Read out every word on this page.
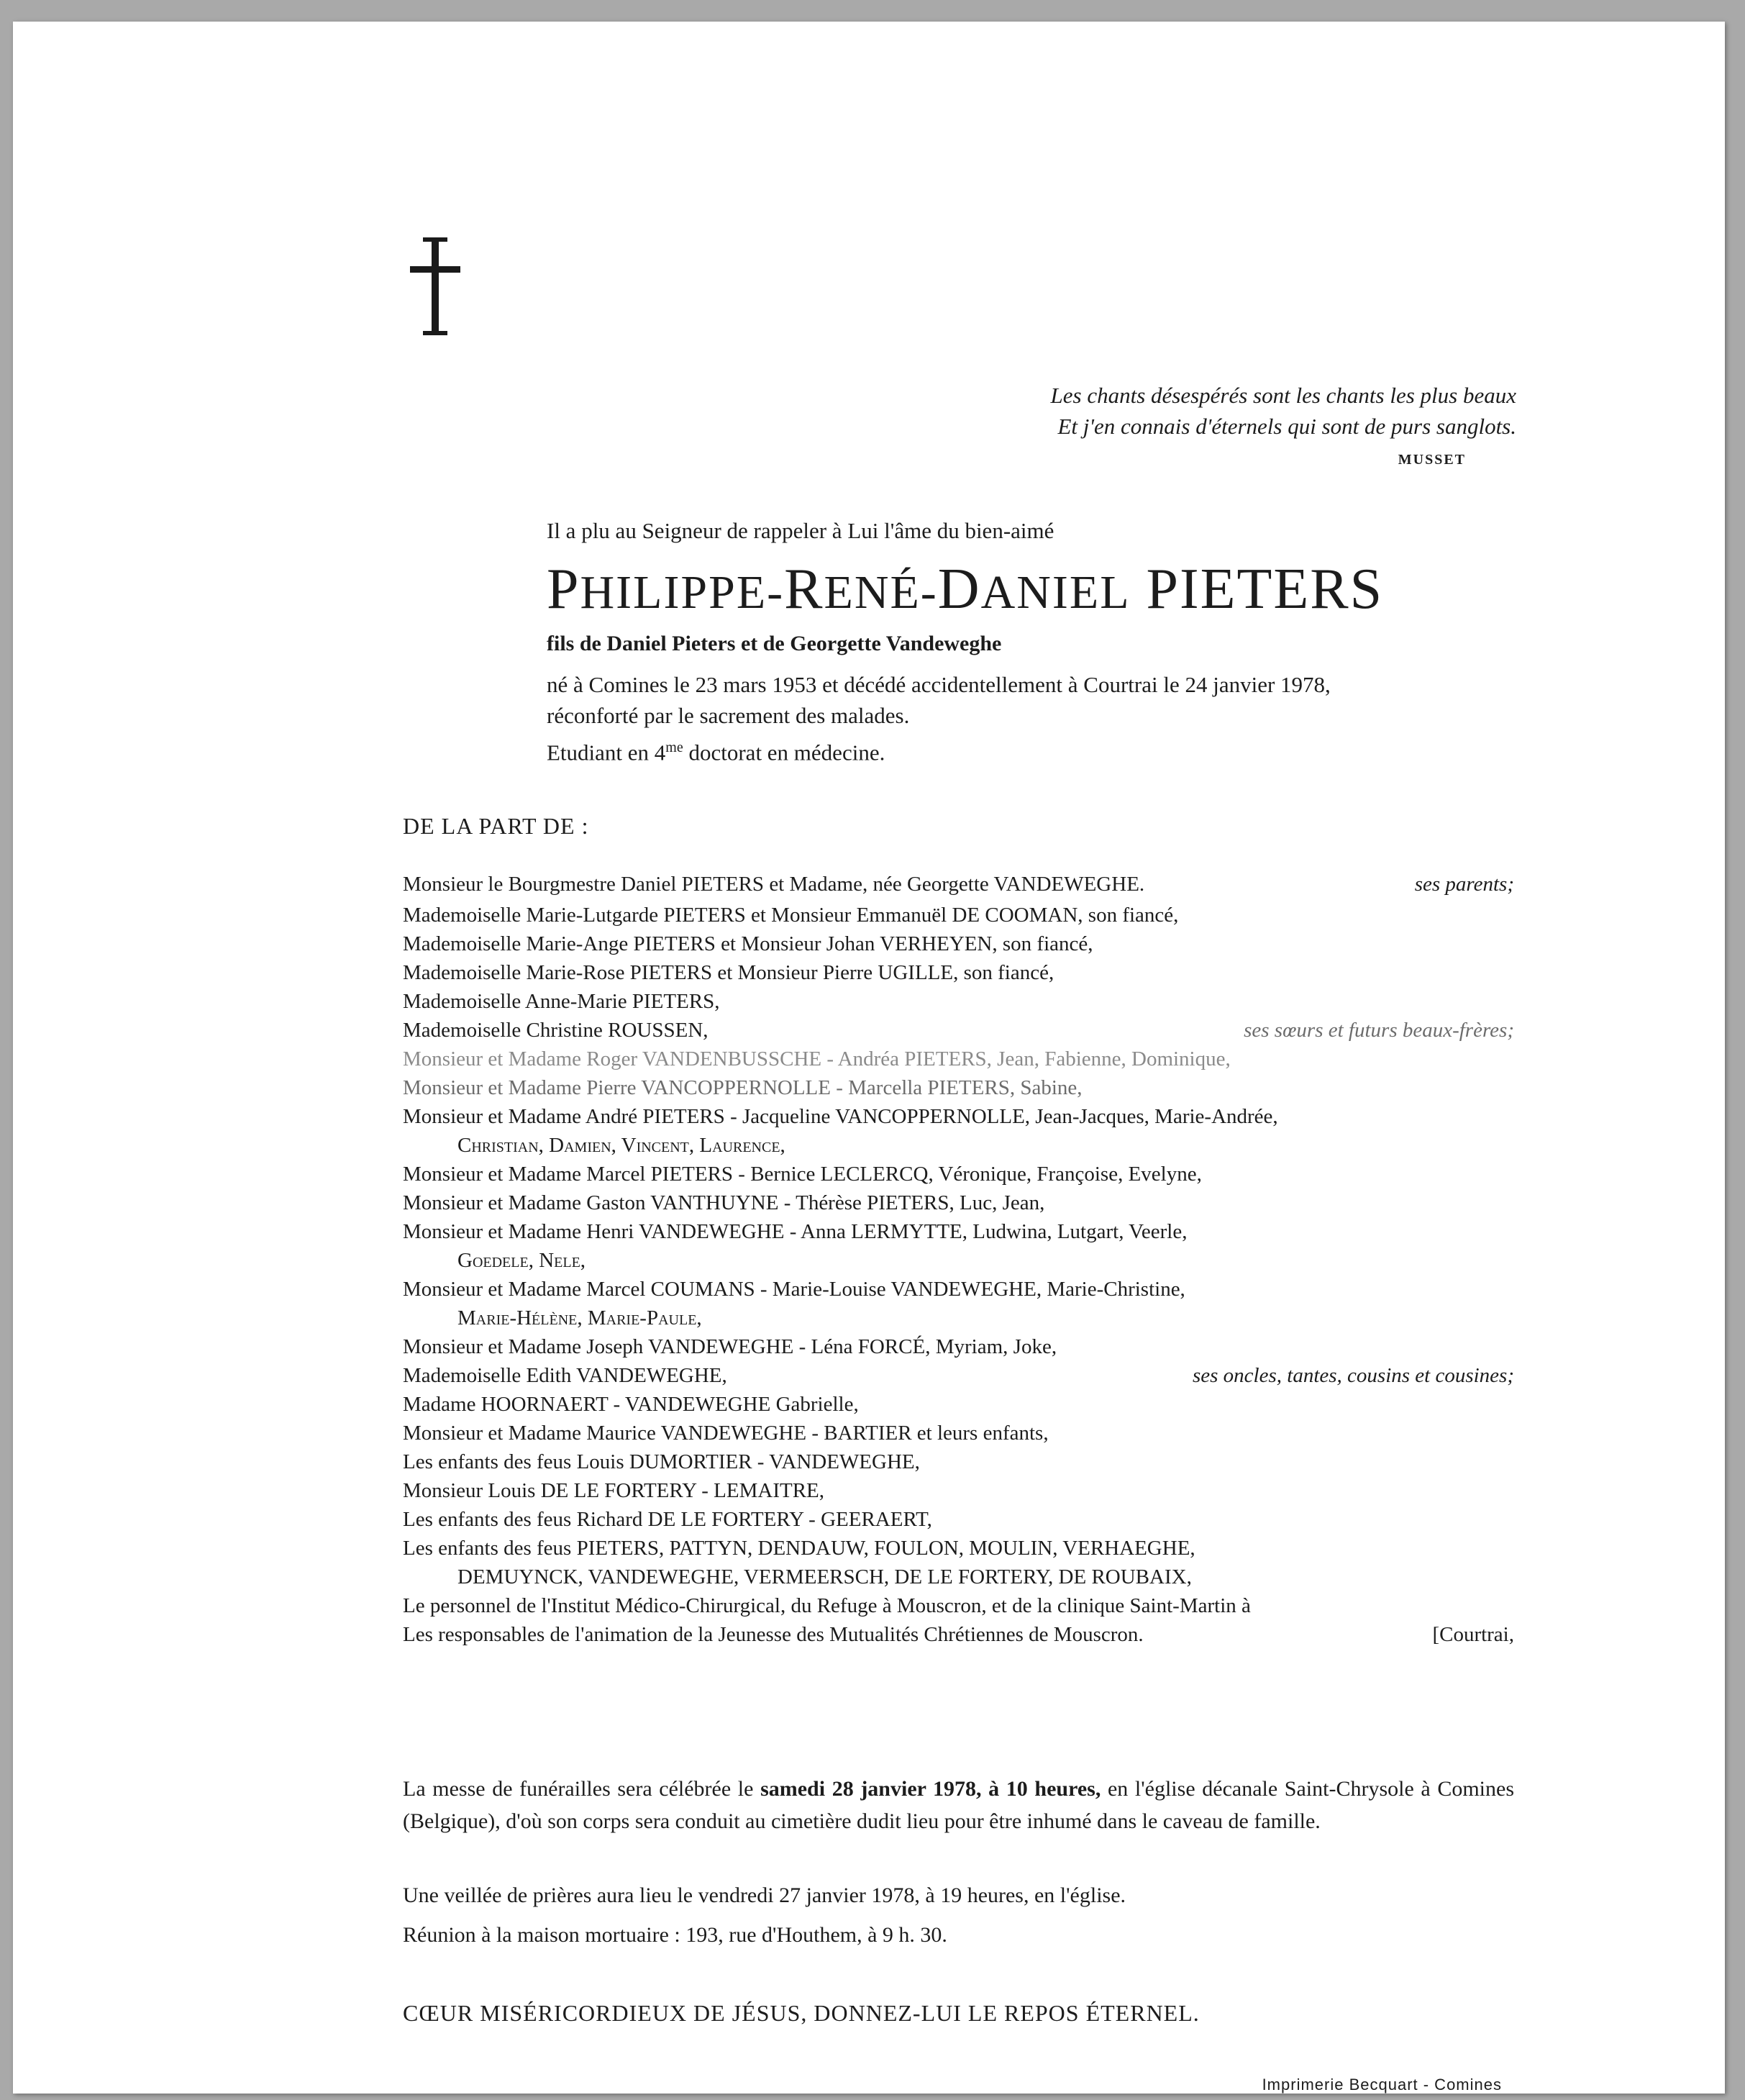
Les chants désespérés sont les chants les plus beaux
Et j'en connais d'éternels qui sont de purs sanglots.
MUSSET
Il a plu au Seigneur de rappeler à Lui l'âme du bien-aimé
PHILIPPE-RENÉ-DANIEL PIETERS
fils de Daniel Pieters et de Georgette Vandeweghe
né à Comines le 23 mars 1953 et décédé accidentellement à Courtrai le 24 janvier 1978,
réconforté par le sacrement des malades.
Etudiant en $4^{me}$ doctorat en médecine.
DE LA PART DE :
Monsieur le Bourgmestre Daniel PIETERS et Madame, née Georgette VANDEWEGHE.	ses parents;
Mademoiselle Marie-Lutgarde PIETERS et Monsieur Emmanuël DE COOMAN, son fiancé,
Mademoiselle Marie-Ange PIETERS et Monsieur Johan VERHEYEN, son fiancé,
Mademoiselle Marie-Rose PIETERS et Monsieur Pierre UGILLE, son fiancé,
Mademoiselle Anne-Marie PIETERS,
Mademoiselle Christine ROUSSEN,	ses sœurs et futurs beaux-frères;
Monsieur et Madame Roger VANDENBUSSCHE - Andréa PIETERS, Jean, Fabienne, Dominique,
Monsieur et Madame Pierre VANCOPPERNOLLE - Marcella PIETERS, Sabine,
Monsieur et Madame André PIETERS - Jacqueline VANCOPPERNOLLE, Jean-Jacques, Marie-Andrée,
Christian, Damien, Vincent, Laurence,
Monsieur et Madame Marcel PIETERS - Bernice LECLERCQ, Véronique, Françoise, Evelyne,
Monsieur et Madame Gaston VANTHUYNE - Thérèse PIETERS, Luc, Jean,
Monsieur et Madame Henri VANDEWEGHE - Anna LERMYTTE, Ludwina, Lutgart, Veerle,
Goedele, Nele,
Monsieur et Madame Marcel COUMANS - Marie-Louise VANDEWEGHE, Marie-Christine,
Marie-Hélène, Marie-Paule,
Monsieur et Madame Joseph VANDEWEGHE - Léna FORCÉ, Myriam, Joke,
Mademoiselle Edith VANDEWEGHE,	ses oncles, tantes, cousins et cousines;
Madame HOORNAERT - VANDEWEGHE Gabrielle,
Monsieur et Madame Maurice VANDEWEGHE - BARTIER et leurs enfants,
Les enfants des feus Louis DUMORTIER - VANDEWEGHE,
Monsieur Louis DE LE FORTERY - LEMAITRE,
Les enfants des feus Richard DE LE FORTERY - GEERAERT,
Les enfants des feus PIETERS, PATTYN, DENDAUW, FOULON, MOULIN, VERHAEGHE,
DEMUYNCK, VANDEWEGHE, VERMEERSCH, DE LE FORTERY, DE ROUBAIX,
Le personnel de l'Institut Médico-Chirurgical, du Refuge à Mouscron, et de la clinique Saint-Martin à
Les responsables de l'animation de la Jeunesse des Mutualités Chrétiennes de Mouscron.	[Courtrai,
La messe de funérailles sera célébrée le samedi 28 janvier 1978, à 10 heures, en l'église décanale Saint-Chrysole à Comines (Belgique), d'où son corps sera conduit au cimetière dudit lieu pour être inhumé dans le caveau de famille.
Une veillée de prières aura lieu le vendredi 27 janvier 1978, à 19 heures, en l'église.
Réunion à la maison mortuaire : 193, rue d'Houthem, à 9 h. 30.
CŒUR MISÉRICORDIEUX DE JÉSUS, DONNEZ-LUI LE REPOS ÉTERNEL.
Imprimerie Becquart - Comines
